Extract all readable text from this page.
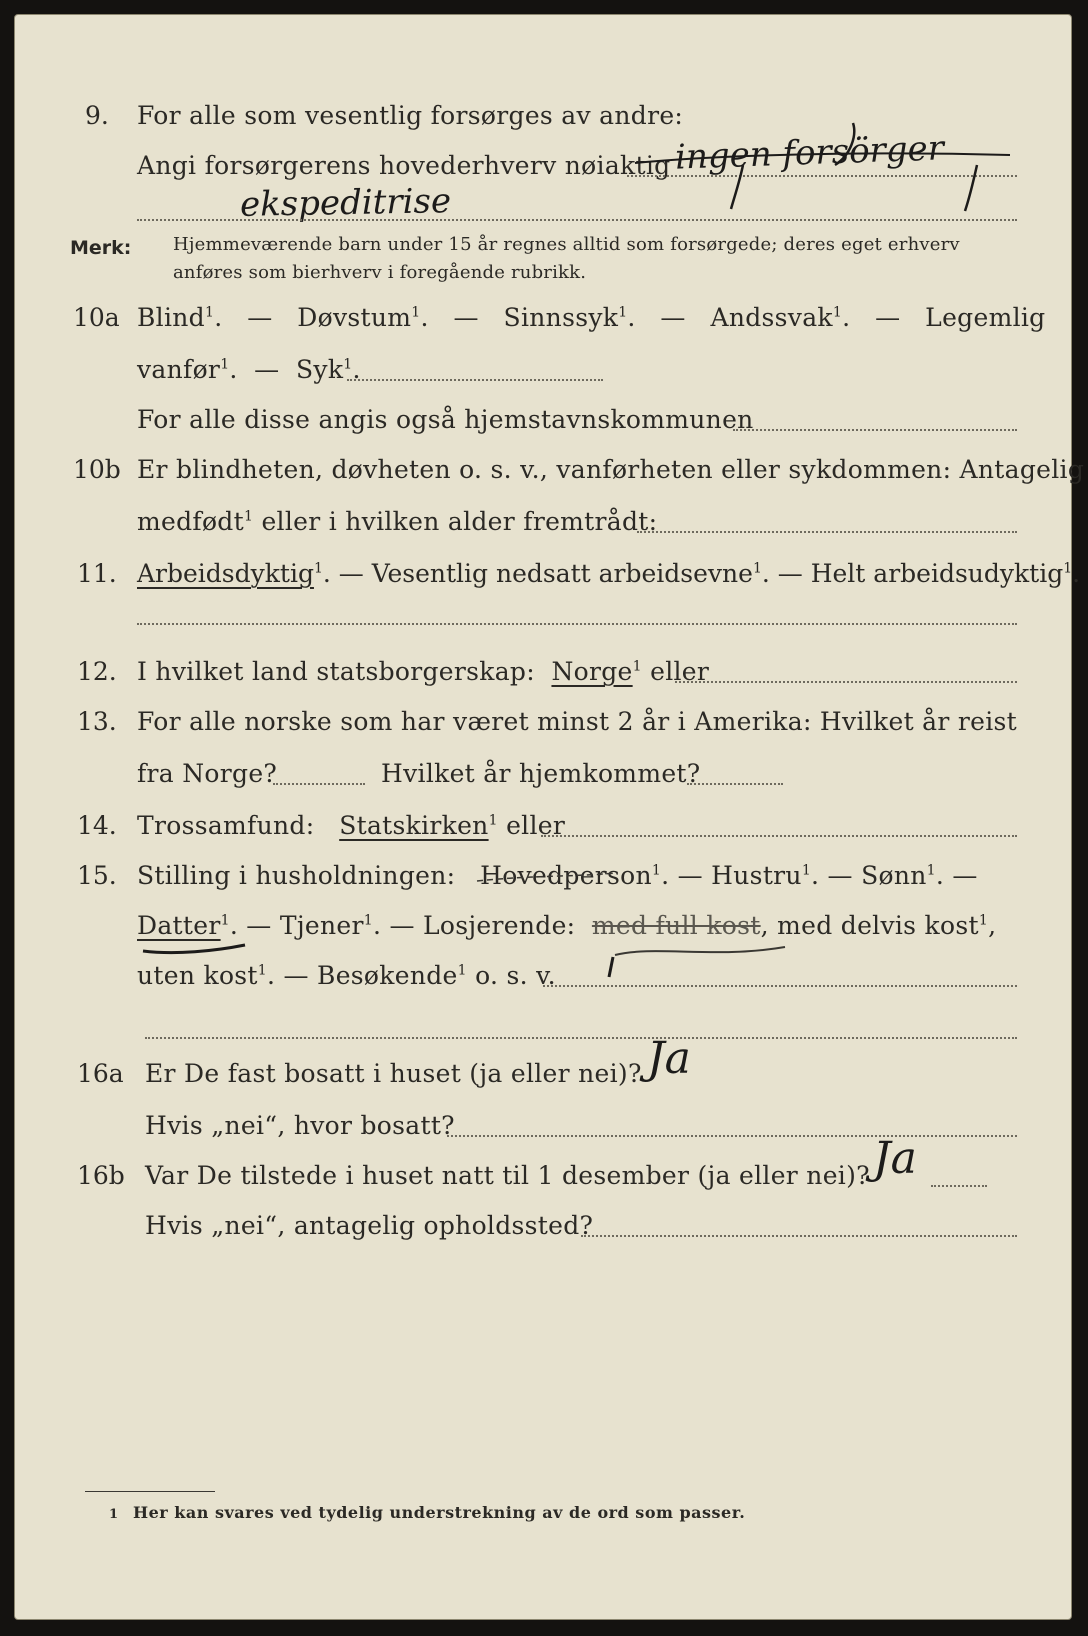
9. For alle som vesentlig forsørges av andre:
Angi forsørgerens hovederhverv nøiaktig ingen forsörger
ekspeditrise
Merk: Hjemmeværende barn under 15 år regnes alltid som forsørgede; deres eget erhverv
anføres som bierhverv i foregående rubrikk.
10a Blind$^1$. — Døvstum$^1$. — Sinnssyk$^1$. — Andssvak$^1$. — Legemlig
vanfør$^1$. — Syk$^1$.
For alle disse angis også hjemstavnskommunen
10b Er blindheten, døvheten o. s. v., vanførheten eller sykdommen: Antagelig
medfødt$^1$ eller i hvilken alder fremtrådt:
11. Arbeidsdyktig$^1$. — Vesentlig nedsatt arbeidsevne$^1$. — Helt arbeidsudyktig$^1$.
12. I hvilket land statsborgerskap: Norge$^1$ eller
13. For alle norske som har været minst 2 år i Amerika: Hvilket år reist
fra Norge?	Hvilket år hjemkommet?
14. Trossamfund: Statskirken$^1$ eller
15. Stilling i husholdningen: Hovedperson$^1$. — Hustru$^1$. — Sønn$^1$. —
Datter$^1$. — Tjener$^1$. — Losjerende: med full kost, med delvis kost$^1$,
uten kost$^1$. — Besøkende$^1$ o. s. v.
16a Er De fast bosatt i huset (ja eller nei)? Ja
Hvis „nei“, hvor bosatt?
16b Var De tilstede i huset natt til 1 desember (ja eller nei)? Ja
Hvis „nei“, antagelig opholdssted?
1 Her kan svares ved tydelig understrekning av de ord som passer.
